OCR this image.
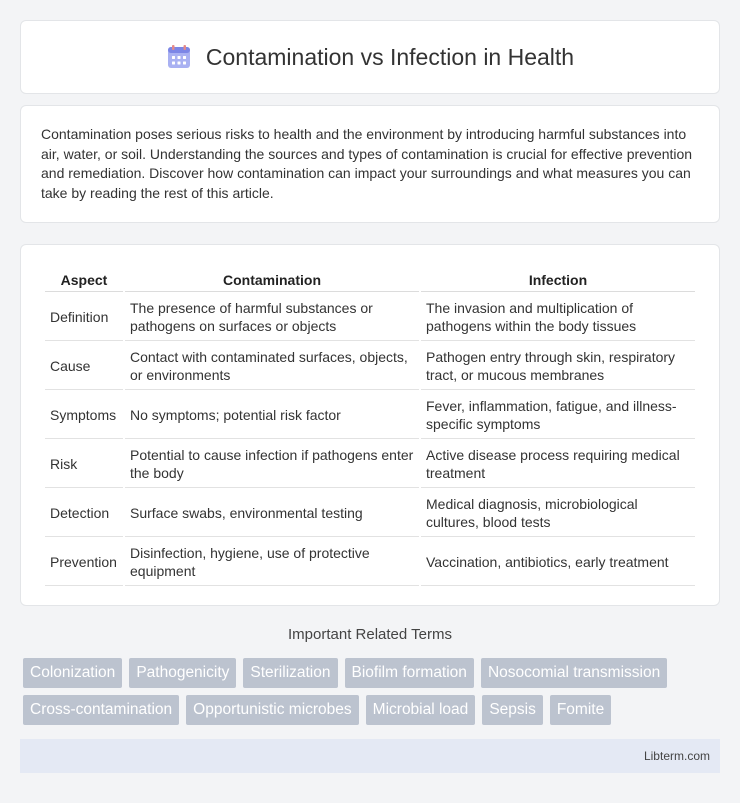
Contamination vs Infection in Health

Contamination poses serious risks to health and the environment by introducing harmful substances into air, water, or soil. Understanding the sources and types of contamination is crucial for effective prevention and remediation. Discover how contamination can impact your surroundings and what measures you can take by reading the rest of this article.

Aspect	Contamination	Infection
Definition	The presence of harmful substances or pathogens on surfaces or objects	The invasion and multiplication of pathogens within the body tissues
Cause	Contact with contaminated surfaces, objects, or environments	Pathogen entry through skin, respiratory tract, or mucous membranes
Symptoms	No symptoms; potential risk factor	Fever, inflammation, fatigue, and illness-specific symptoms
Risk	Potential to cause infection if pathogens enter the body	Active disease process requiring medical treatment
Detection	Surface swabs, environmental testing	Medical diagnosis, microbiological cultures, blood tests
Prevention	Disinfection, hygiene, use of protective equipment	Vaccination, antibiotics, early treatment
Important Related Terms
Colonization	Pathogenicity	Sterilization	Biofilm formation	Nosocomial transmission
Cross-contamination	Opportunistic microbes	Microbial load	Sepsis	Fomite
Libterm.com
